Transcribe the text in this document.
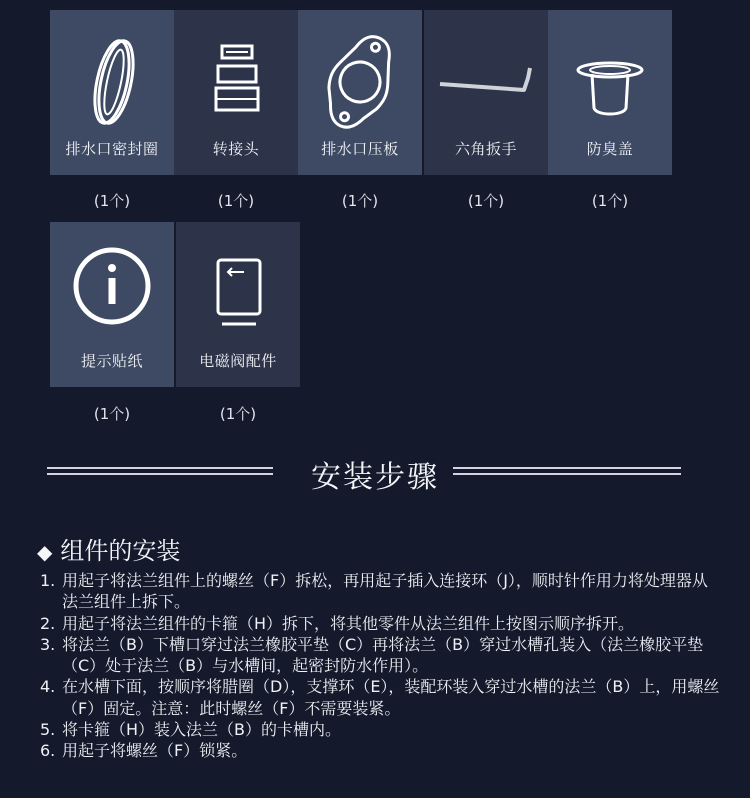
排水口密封圈	转接头	排水口压板	六角扳手	防臭盖
(1个)	(1个)	(1个)	(1个)	(1个)
提示贴纸	电磁阀配件
(1个)	(1个)
安装步骤
◆ 组件的安装
1. 用起子将法兰组件上的螺丝（F）拆松，再用起子插入连接环（J），顺时针作用力将处理器从法兰组件上拆下。
2. 用起子将法兰组件的卡箍（H）拆下，将其他零件从法兰组件上按图示顺序拆开。
3. 将法兰（B）下槽口穿过法兰橡胶平垫（C）再将法兰（B）穿过水槽孔装入（法兰橡胶平垫（C）处于法兰（B）与水槽间，起密封防水作用）。
4. 在水槽下面，按顺序将腊圈（D），支撑环（E），装配环装入穿过水槽的法兰（B）上，用螺丝（F）固定。注意：此时螺丝（F）不需要装紧。
5. 将卡箍（H）装入法兰（B）的卡槽内。
6. 用起子将螺丝（F）锁紧。
